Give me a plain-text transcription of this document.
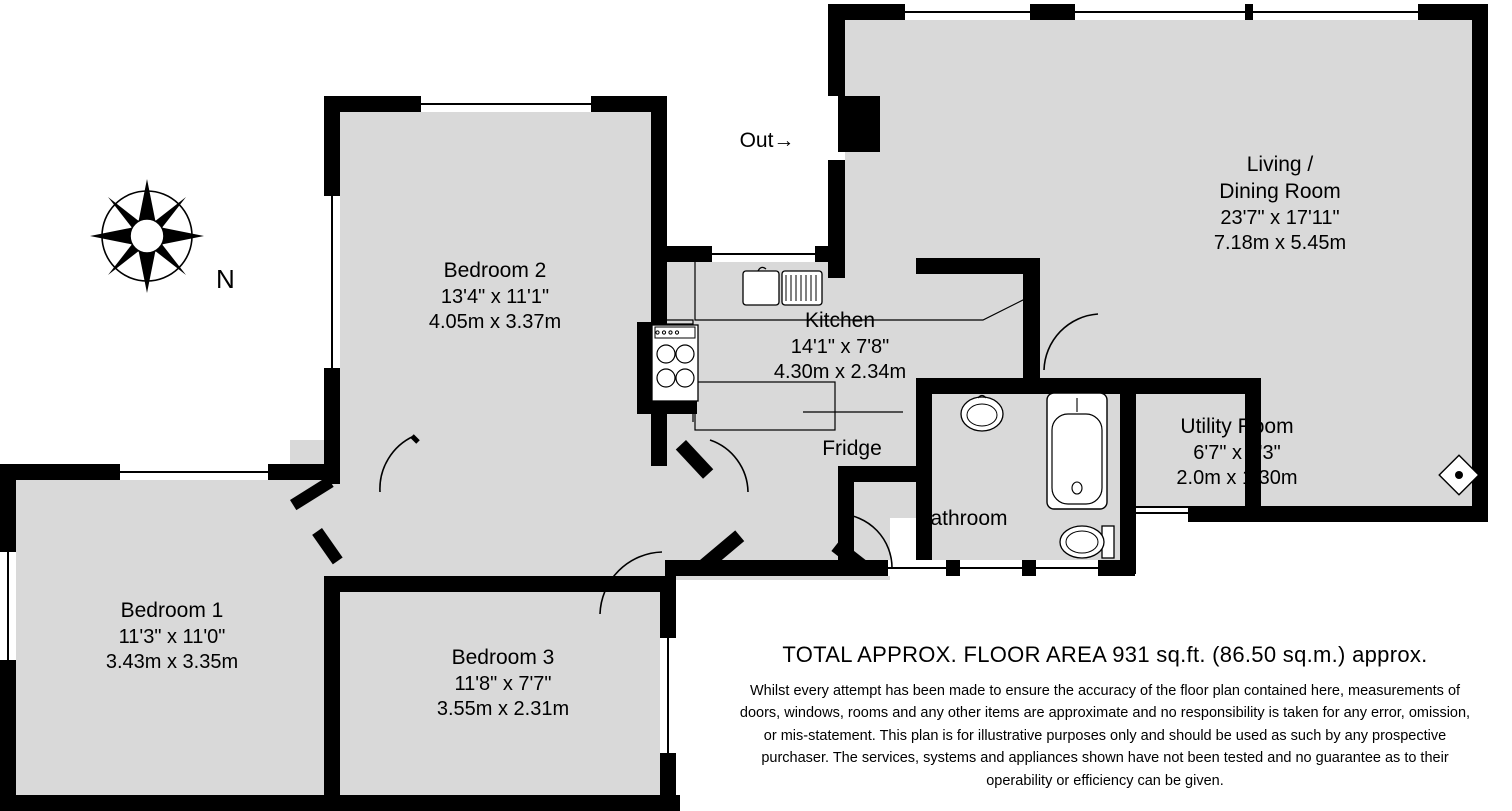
N
Out→
Living /
Dining Room
23'7" x 17'11"
7.18m x 5.45m
Bedroom 2
13'4" x 11'1"
4.05m x 3.37m	Kitchen
14'1" x 7'8"
4.30m x 2.34m
Utility Room
6'7" x 4'3"
2.0m x 1.30m
Fridge
Bathroom
Bedroom 1
11'3" x 11'0"
3.43m x 3.35m	Bedroom 3
11'8" x 7'7"
3.55m x 2.31m
TOTAL APPROX. FLOOR AREA 931 sq.ft. (86.50 sq.m.) approx.
Whilst every attempt has been made to ensure the accuracy of the floor plan contained here, measurements of doors, windows, rooms and any other items are approximate and no responsibility is taken for any error, omission, or mis-statement. This plan is for illustrative purposes only and should be used as such by any prospective purchaser. The services, systems and appliances shown have not been tested and no guarantee as to their operability or efficiency can be given.
